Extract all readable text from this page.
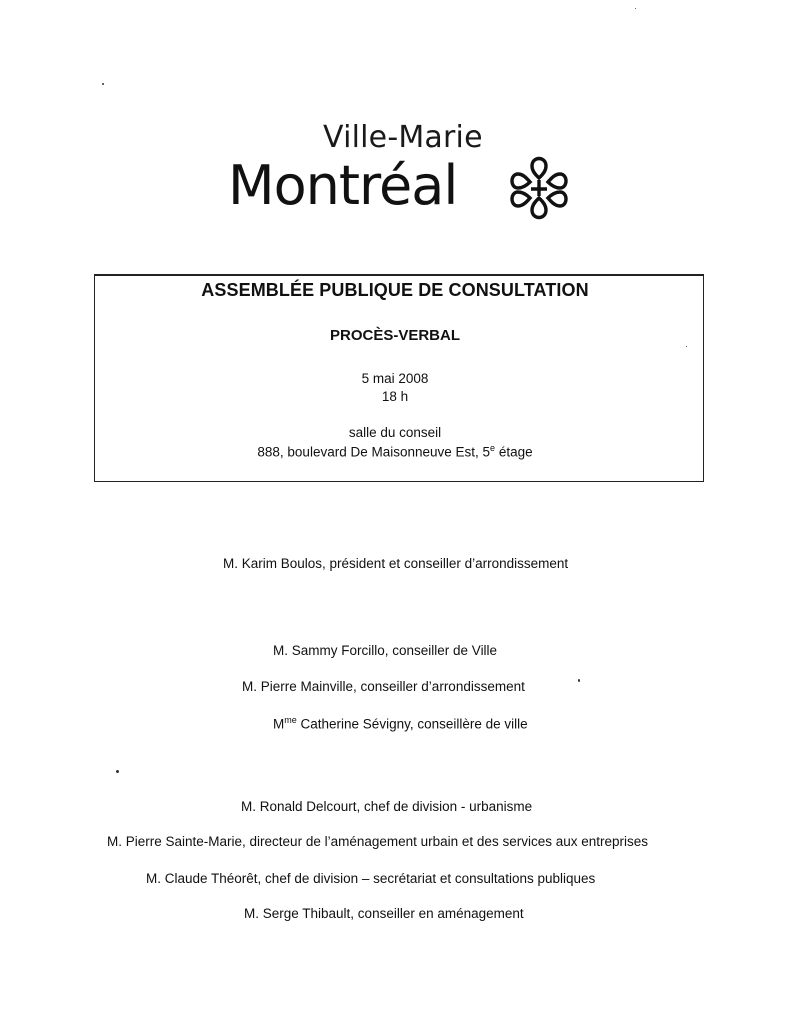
Ville-Marie
Montréal
ASSEMBLÉE PUBLIQUE DE CONSULTATION
PROCÈS-VERBAL
5 mai 2008
18 h
salle du conseil
888, boulevard De Maisonneuve Est, 5e étage
M. Karim Boulos, président et conseiller d’arrondissement
M. Sammy Forcillo, conseiller de Ville
M. Pierre Mainville, conseiller d’arrondissement
$M^{me}$ Catherine Sévigny, conseillère de ville
M. Ronald Delcourt, chef de division - urbanisme
M. Pierre Sainte-Marie, directeur de l’aménagement urbain et des services aux entreprises
M. Claude Théorêt, chef de division – secrétariat et consultations publiques
M. Serge Thibault, conseiller en aménagement
